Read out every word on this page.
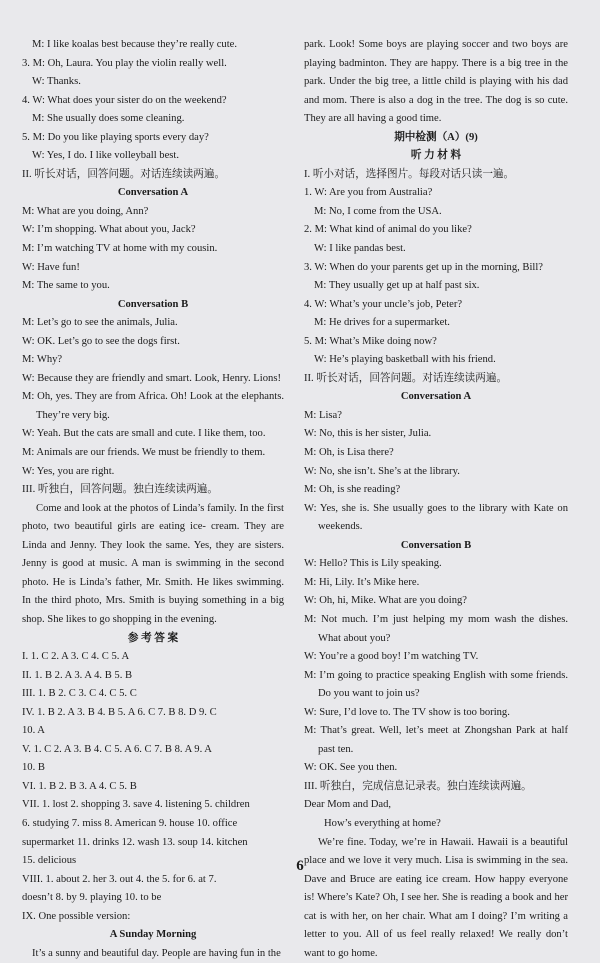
M: I like koalas best because they’re really cute.
3. M: Oh, Laura. You play the violin really well.
W: Thanks.
4. W: What does your sister do on the weekend?
M: She usually does some cleaning.
5. M: Do you like playing sports every day?
W: Yes, I do. I like volleyball best.
II. 听长对话，回答问题。对话连续读两遍。
Conversation A
M: What are you doing, Ann?
W: I’m shopping. What about you, Jack?
M: I’m watching TV at home with my cousin.
W: Have fun!
M: The same to you.
Conversation B
M: Let’s go to see the animals, Julia.
W: OK. Let’s go to see the dogs first.
M: Why?
W: Because they are friendly and smart. Look, Henry. Lions!
M: Oh, yes. They are from Africa. Oh! Look at the elephants. They’re very big.
W: Yeah. But the cats are small and cute. I like them, too.
M: Animals are our friends. We must be friendly to them.
W: Yes, you are right.
III. 听独白，回答问题。独白连续读两遍。
Come and look at the photos of Linda’s family. In the first photo, two beautiful girls are eating ice- cream. They are Linda and Jenny. They look the same. Yes, they are sisters. Jenny is good at music. A man is swimming in the second photo. He is Linda’s father, Mr. Smith. He likes swimming. In the third photo, Mrs. Smith is buying something in a big shop. She likes to go shopping in the evening.
参 考 答 案
I. 1. C 2. A 3. C 4. C 5. A
II. 1. B 2. A 3. A 4. B 5. B
III. 1. B 2. C 3. C 4. C 5. C
IV. 1. B 2. A 3. B 4. B 5. A 6. C 7. B 8. D 9. C
10. A
V. 1. C 2. A 3. B 4. C 5. A 6. C 7. B 8. A 9. A
10. B
VI. 1. B 2. B 3. A 4. C 5. B
VII. 1. lost 2. shopping 3. save 4. listening 5. children
6. studying 7. miss 8. American 9. house 10. office
supermarket 11. drinks 12. wash 13. soup 14. kitchen
15. delicious
VIII. 1. about 2. her 3. out 4. the 5. for 6. at 7.
doesn’t 8. by 9. playing 10. to be
IX. One possible version:
A Sunday Morning
It’s a sunny and beautiful day. People are having fun in the
park. Look! Some boys are playing soccer and two boys are playing badminton. They are happy. There is a big tree in the park. Under the big tree, a little child is playing with his dad and mom. There is also a dog in the tree. The dog is so cute. They are all having a good time.
期中检测（A）(9)
听 力 材 料
I. 听小对话，选择图片。每段对话只读一遍。
1. W: Are you from Australia?
M: No, I come from the USA.
2. M: What kind of animal do you like?
W: I like pandas best.
3. W: When do your parents get up in the morning, Bill?
M: They usually get up at half past six.
4. W: What’s your uncle’s job, Peter?
M: He drives for a supermarket.
5. M: What’s Mike doing now?
W: He’s playing basketball with his friend.
II. 听长对话，回答问题。对话连续读两遍。
Conversation A
M: Lisa?
W: No, this is her sister, Julia.
M: Oh, is Lisa there?
W: No, she isn’t. She’s at the library.
M: Oh, is she reading?
W: Yes, she is. She usually goes to the library with Kate on weekends.
Conversation B
W: Hello? This is Lily speaking.
M: Hi, Lily. It’s Mike here.
W: Oh, hi, Mike. What are you doing?
M: Not much. I’m just helping my mom wash the dishes. What about you?
W: You’re a good boy! I’m watching TV.
M: I’m going to practice speaking English with some friends. Do you want to join us?
W: Sure, I’d love to. The TV show is too boring.
M: That’s great. Well, let’s meet at Zhongshan Park at half past ten.
W: OK. See you then.
III. 听独白，完成信息记录表。独白连续读两遍。
Dear Mom and Dad,
How’s everything at home?
We’re fine. Today, we’re in Hawaii. Hawaii is a beautiful place and we love it very much. Lisa is swimming in the sea. Dave and Bruce are eating ice cream. How happy everyone is! Where’s Kate? Oh, I see her. She is reading a book and her cat is with her, on her chair. What am I doing? I’m writing a letter to you. All of us feel really relaxed! We really don’t want to go home.
6
